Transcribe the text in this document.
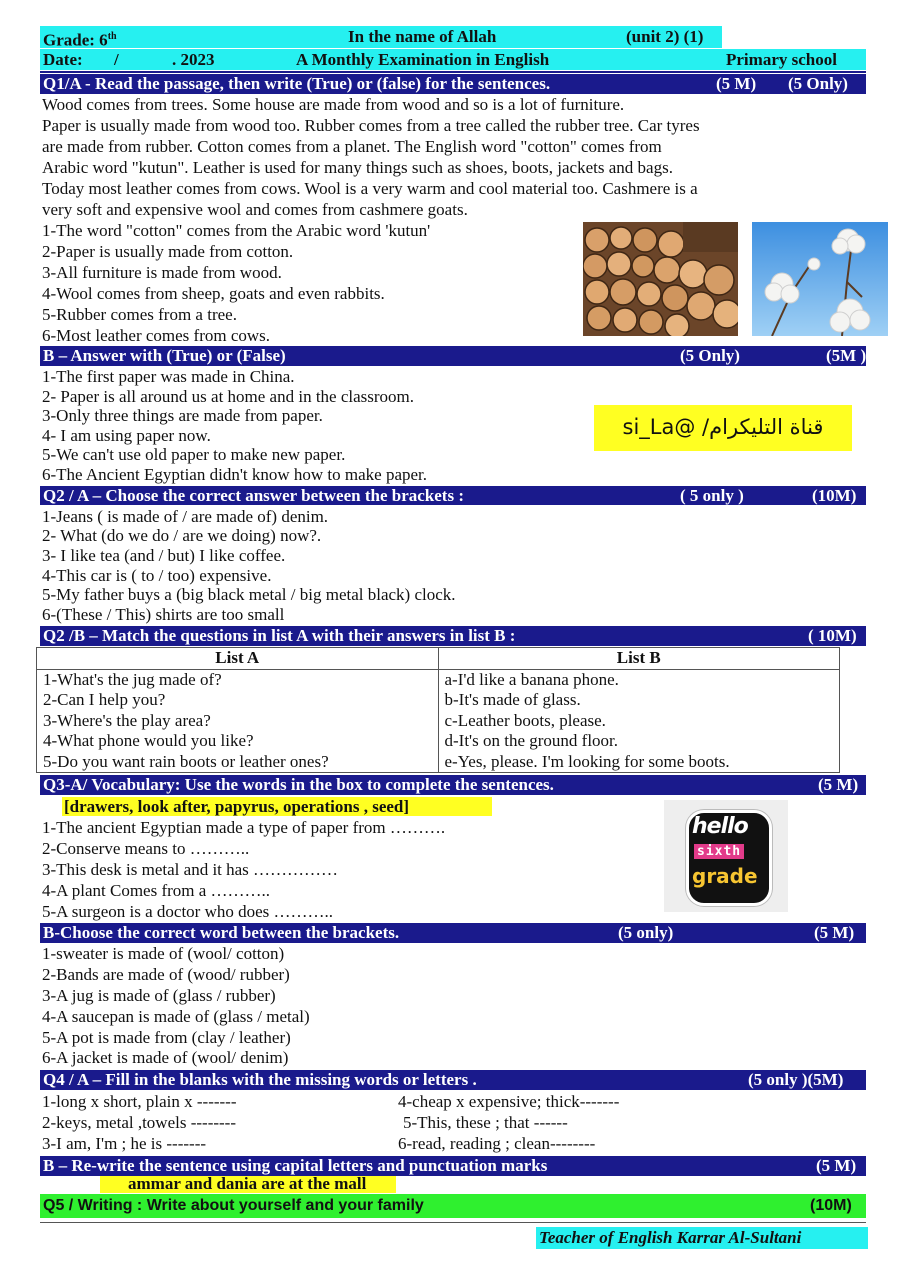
Grade: 6th	In the name of Allah	(unit 2) (1)
Date: /	. 2023	A Monthly Examination in English	Primary school
Q1/A - Read the passage, then write (True) or (false) for the sentences.	(5 M) (5 Only)
Wood comes from trees. Some house are made from wood and so is a lot of furniture.
Paper is usually made from wood too. Rubber comes from a tree called the rubber tree. Car tyres
are made from rubber. Cotton comes from a planet. The English word "cotton" comes from
Arabic word "kutun". Leather is used for many things such as shoes, boots, jackets and bags.
Today most leather comes from cows. Wool is a very warm and cool material too. Cashmere is a
very soft and expensive wool and comes from cashmere goats.
1-The word "cotton" comes from the Arabic word 'kutun'
2-Paper is usually made from cotton.
3-All furniture is made from wood.
4-Wool comes from sheep, goats and even rabbits.
5-Rubber comes from a tree.
6-Most leather comes from cows.
B – Answer with (True) or (False)	(5 Only)	(5M )
1-The first paper was made in China.
2- Paper is all around us at home and in the classroom.
3-Only three things are made from paper.
4- I am using paper now.
5-We can't use old paper to make new paper.
6-The Ancient Egyptian didn't know how to make paper.
قناة التليكرام/ @si_La
Q2 / A – Choose the correct answer between the brackets :	( 5 only )	(10M)
1-Jeans ( is made of / are made of) denim.
2- What (do we do / are we doing) now?.
3- I like tea (and / but) I like coffee.
4-This car is ( to / too) expensive.
5-My father buys a (big black metal / big metal black) clock.
6-(These / This) shirts are too small
Q2 /B – Match the questions in list A with their answers in list B :	( 10M)
List A	List B
1-What's the jug made of?	a-I'd like a banana phone.
2-Can I help you?	b-It's made of glass.
3-Where's the play area?	c-Leather boots, please.
4-What phone would you like?	d-It's on the ground floor.
5-Do you want rain boots or leather ones?	e-Yes, please. I'm looking for some boots.
Q3-A/ Vocabulary: Use the words in the box to complete the sentences.	(5 M)
[drawers, look after, papyrus, operations , seed]
1-The ancient Egyptian made a type of paper from ……….
2-Conserve means to ………..
3-This desk is metal and it has ……………
4-A plant Comes from a ………..
5-A surgeon is a doctor who does ………..
hello
sixth
grade
B-Choose the correct word between the brackets.	(5 only)	(5 M)
1-sweater is made of (wool/ cotton)
2-Bands are made of (wood/ rubber)
3-A jug is made of (glass / rubber)
4-A saucepan is made of (glass / metal)
5-A pot is made from (clay / leather)
6-A jacket is made of (wool/ denim)
Q4 / A – Fill in the blanks with the missing words or letters .	(5 only )(5M)
1-long x short, plain x -------
2-keys, metal ,towels --------
3-I am, I'm ; he is -------
4-cheap x expensive; thick-------
5-This, these ; that ------
6-read, reading ; clean--------
B – Re-write the sentence using capital letters and punctuation marks	(5 M)
ammar and dania are at the mall
Q5 / Writing : Write about yourself and your family	(10M)
Teacher of English Karrar Al-Sultani
